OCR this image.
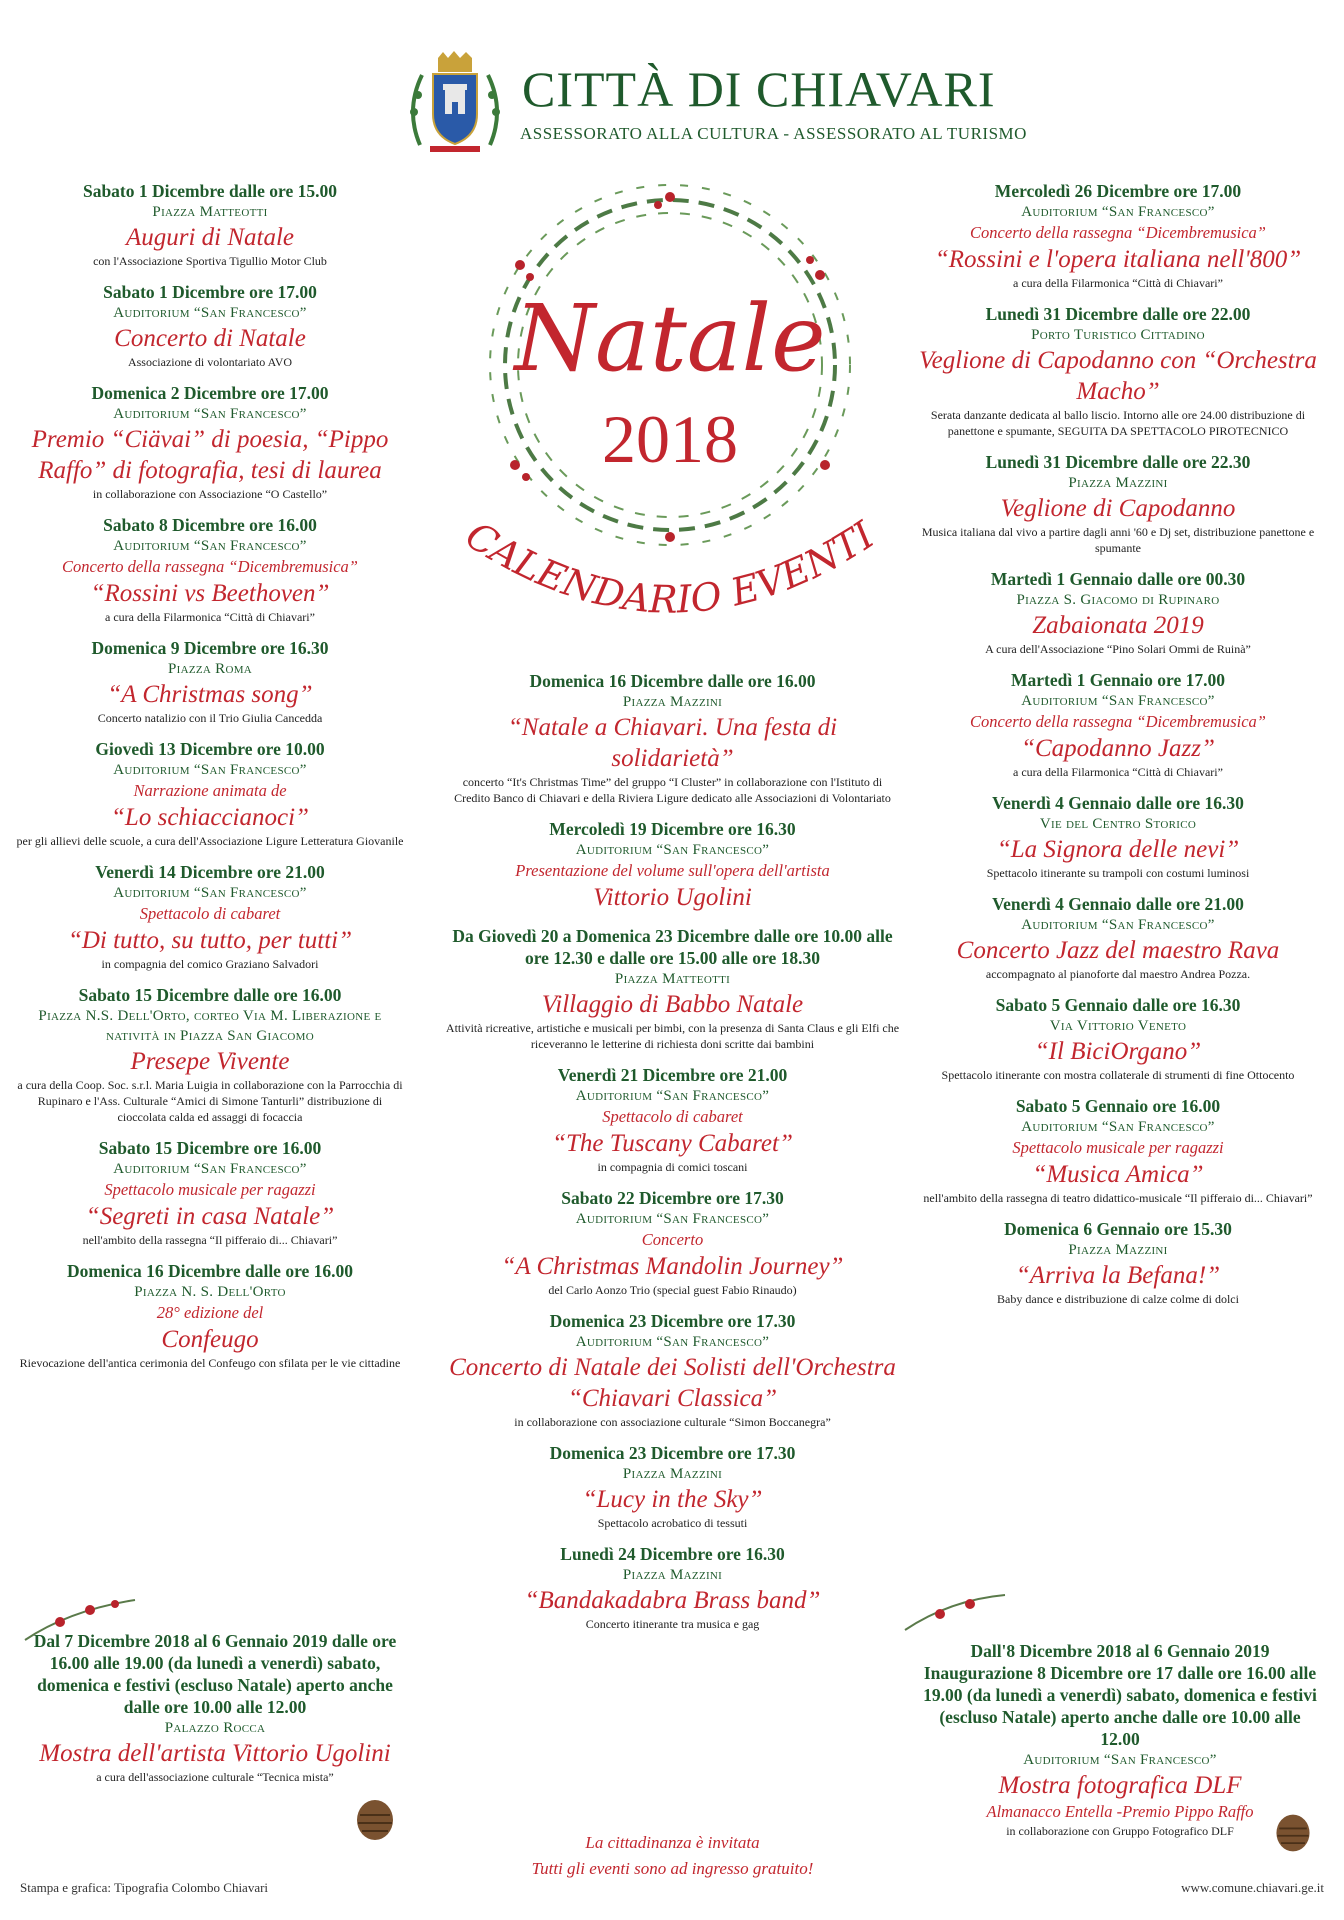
CITTÀ DI CHIAVARI
ASSESSORATO ALLA CULTURA - ASSESSORATO AL TURISMO
Natale
2018
CALENDARIO EVENTI
Sabato 1 Dicembre dalle ore 15.00
Piazza Matteotti
Auguri di Natale
con l'Associazione Sportiva Tigullio Motor Club
Sabato 1 Dicembre ore 17.00
Auditorium “San Francesco”
Concerto di Natale
Associazione di volontariato AVO
Domenica 2 Dicembre ore 17.00
Auditorium “San Francesco”
Premio “Ciävai” di poesia, “Pippo Raffo” di fotografia, tesi di laurea
in collaborazione con Associazione “O Castello”
Sabato 8 Dicembre ore 16.00
Auditorium “San Francesco”
Concerto della rassegna “Dicembremusica”
“Rossini vs Beethoven”
a cura della Filarmonica “Città di Chiavari”
Domenica 9 Dicembre ore 16.30
Piazza Roma
“A Christmas song”
Concerto natalizio con il Trio Giulia Cancedda
Giovedì 13 Dicembre ore 10.00
Auditorium “San Francesco”
Narrazione animata de
“Lo schiaccianoci”
per gli allievi delle scuole, a cura dell'Associazione Ligure Letteratura Giovanile
Venerdì 14 Dicembre ore 21.00
Auditorium “San Francesco”
Spettacolo di cabaret
“Di tutto, su tutto, per tutti”
in compagnia del comico Graziano Salvadori
Sabato 15 Dicembre dalle ore 16.00
Piazza N.S. Dell'Orto, corteo Via M. Liberazione e natività in Piazza San Giacomo
Presepe Vivente
a cura della Coop. Soc. s.r.l. Maria Luigia in collaborazione con la Parrocchia di Rupinaro e l'Ass. Culturale “Amici di Simone Tanturli” distribuzione di cioccolata calda ed assaggi di focaccia
Sabato 15 Dicembre ore 16.00
Auditorium “San Francesco”
Spettacolo musicale per ragazzi
“Segreti in casa Natale”
nell'ambito della rassegna “Il pifferaio di... Chiavari”
Domenica 16 Dicembre dalle ore 16.00
Piazza N. S. Dell'Orto
28° edizione del
Confeugo
Rievocazione dell'antica cerimonia del Confeugo con sfilata per le vie cittadine
Domenica 16 Dicembre dalle ore 16.00
Piazza Mazzini
“Natale a Chiavari. Una festa di solidarietà”
concerto “It's Christmas Time” del gruppo “I Cluster” in collaborazione con l'Istituto di Credito Banco di Chiavari e della Riviera Ligure dedicato alle Associazioni di Volontariato
Mercoledì 19 Dicembre ore 16.30
Auditorium “San Francesco”
Presentazione del volume sull'opera dell'artista
Vittorio Ugolini
Da Giovedì 20 a Domenica 23 Dicembre dalle ore 10.00 alle ore 12.30 e dalle ore 15.00 alle ore 18.30
Piazza Matteotti
Villaggio di Babbo Natale
Attività ricreative, artistiche e musicali per bimbi, con la presenza di Santa Claus e gli Elfi che riceveranno le letterine di richiesta doni scritte dai bambini
Venerdì 21 Dicembre ore 21.00
Auditorium “San Francesco”
Spettacolo di cabaret
“The Tuscany Cabaret”
in compagnia di comici toscani
Sabato 22 Dicembre ore 17.30
Auditorium “San Francesco”
Concerto
“A Christmas Mandolin Journey”
del Carlo Aonzo Trio (special guest Fabio Rinaudo)
Domenica 23 Dicembre ore 17.30
Auditorium “San Francesco”
Concerto di Natale dei Solisti dell'Orchestra “Chiavari Classica”
in collaborazione con associazione culturale “Simon Boccanegra”
Domenica 23 Dicembre ore 17.30
Piazza Mazzini
“Lucy in the Sky”
Spettacolo acrobatico di tessuti
Lunedì 24 Dicembre ore 16.30
Piazza Mazzini
“Bandakadabra Brass band”
Concerto itinerante tra musica e gag
Mercoledì 26 Dicembre ore 17.00
Auditorium “San Francesco”
Concerto della rassegna “Dicembremusica”
“Rossini e l'opera italiana nell'800”
a cura della Filarmonica “Città di Chiavari”
Lunedì 31 Dicembre dalle ore 22.00
Porto Turistico Cittadino
Veglione di Capodanno con “Orchestra Macho”
Serata danzante dedicata al ballo liscio. Intorno alle ore 24.00 distribuzione di panettone e spumante, SEGUITA DA SPETTACOLO PIROTECNICO
Lunedì 31 Dicembre dalle ore 22.30
Piazza Mazzini
Veglione di Capodanno
Musica italiana dal vivo a partire dagli anni '60 e Dj set, distribuzione panettone e spumante
Martedì 1 Gennaio dalle ore 00.30
Piazza S. Giacomo di Rupinaro
Zabaionata 2019
A cura dell'Associazione “Pino Solari Ommi de Ruinà”
Martedì 1 Gennaio ore 17.00
Auditorium “San Francesco”
Concerto della rassegna “Dicembremusica”
“Capodanno Jazz”
a cura della Filarmonica “Città di Chiavari”
Venerdì 4 Gennaio dalle ore 16.30
Vie del Centro Storico
“La Signora delle nevi”
Spettacolo itinerante su trampoli con costumi luminosi
Venerdì 4 Gennaio dalle ore 21.00
Auditorium “San Francesco”
Concerto Jazz del maestro Rava
accompagnato al pianoforte dal maestro Andrea Pozza.
Sabato 5 Gennaio dalle ore 16.30
Via Vittorio Veneto
“Il BiciOrgano”
Spettacolo itinerante con mostra collaterale di strumenti di fine Ottocento
Sabato 5 Gennaio ore 16.00
Auditorium “San Francesco”
Spettacolo musicale per ragazzi
“Musica Amica”
nell'ambito della rassegna di teatro didattico-musicale “Il pifferaio di... Chiavari”
Domenica 6 Gennaio ore 15.30
Piazza Mazzini
“Arriva la Befana!”
Baby dance e distribuzione di calze colme di dolci
Dal 7 Dicembre 2018 al 6 Gennaio 2019 dalle ore 16.00 alle 19.00 (da lunedì a venerdì) sabato, domenica e festivi (escluso Natale) aperto anche dalle ore 10.00 alle 12.00
Palazzo Rocca
Mostra dell'artista Vittorio Ugolini
a cura dell'associazione culturale “Tecnica mista”
Dall'8 Dicembre 2018 al 6 Gennaio 2019 Inaugurazione 8 Dicembre ore 17 dalle ore 16.00 alle 19.00 (da lunedì a venerdì) sabato, domenica e festivi (escluso Natale) aperto anche dalle ore 10.00 alle 12.00
Auditorium “San Francesco”
Mostra fotografica DLF
Almanacco Entella -Premio Pippo Raffo
in collaborazione con Gruppo Fotografico DLF
La cittadinanza è invitata
Tutti gli eventi sono ad ingresso gratuito!
Stampa e grafica: Tipografia Colombo Chiavari	www.comune.chiavari.ge.it
